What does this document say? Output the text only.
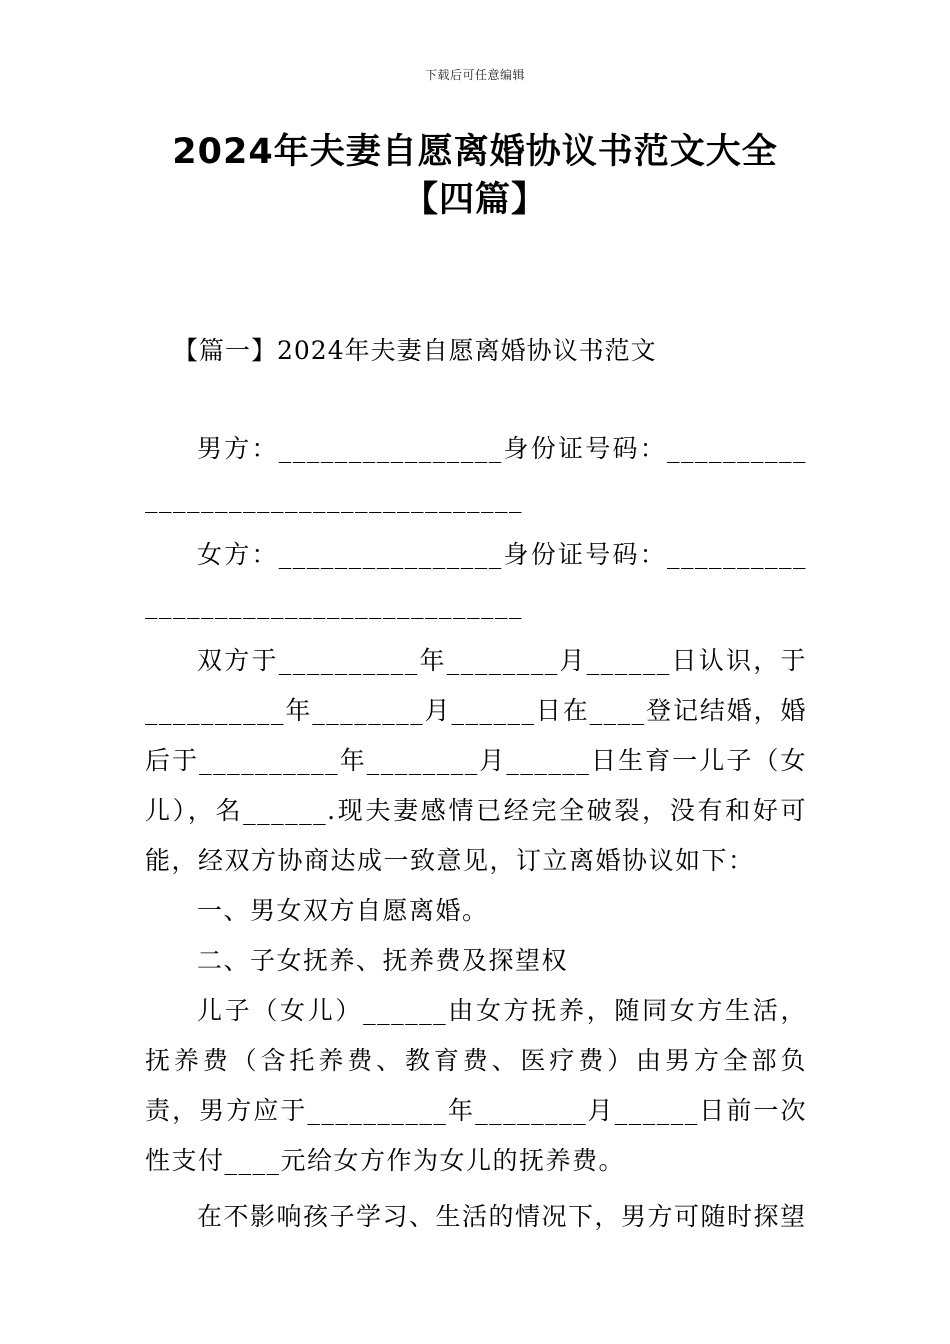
下载后可任意编辑
2024年夫妻自愿离婚协议书范文大全【四篇】
【篇一】2024年夫妻自愿离婚协议书范文

男方：________________身份证号码：_____________________________________

女方：________________身份证号码：_____________________________________

双方于__________年________月______日认识，于__________年________月______日在____登记结婚，婚后于__________年________月______日生育一儿子（女儿），名______.现夫妻感情已经完全破裂，没有和好可能，经双方协商达成一致意见，订立离婚协议如下：

一、男女双方自愿离婚。

二、子女抚养、抚养费及探望权

儿子（女儿）______由女方抚养，随同女方生活，抚养费（含托养费、教育费、医疗费）由男方全部负责，男方应于__________年________月______日前一次性支付____元给女方作为女儿的抚养费。

在不影响孩子学习、生活的情况下，男方可随时探望
